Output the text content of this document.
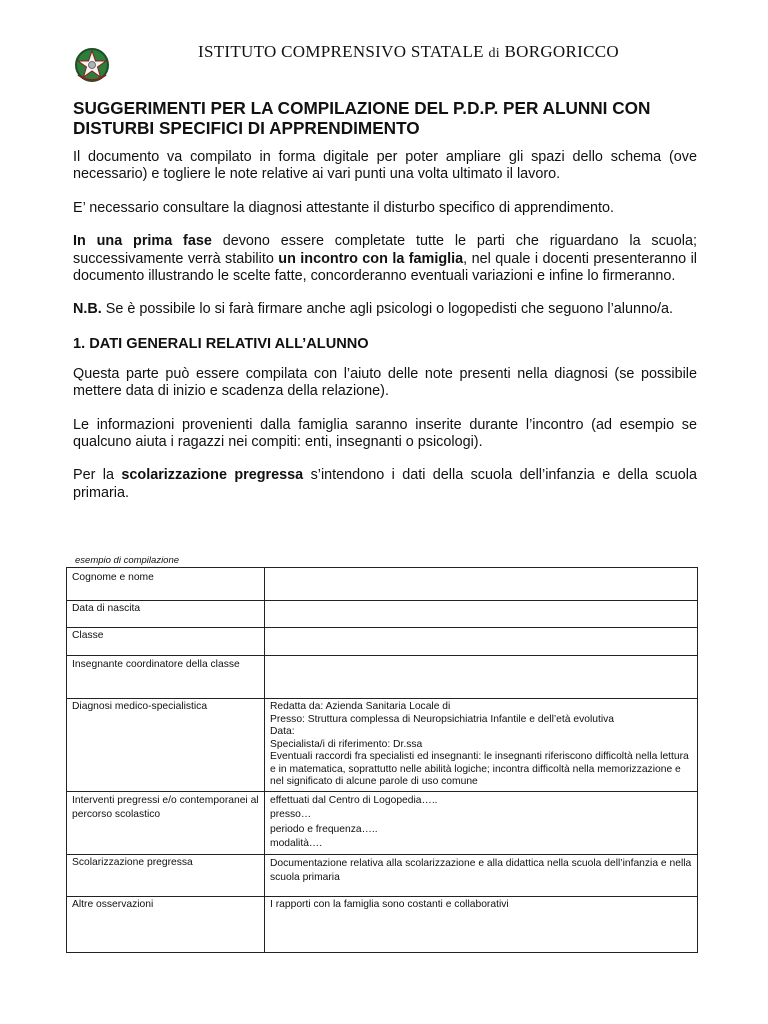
ISTITUTO COMPRENSIVO STATALE di BORGORICCO
SUGGERIMENTI PER LA COMPILAZIONE DEL P.D.P. PER ALUNNI CON DISTURBI SPECIFICI DI APPRENDIMENTO

Il documento va compilato in forma digitale per poter ampliare gli spazi dello schema (ove necessario) e togliere le note relative ai vari punti una volta ultimato il lavoro.

E’ necessario consultare la diagnosi attestante il disturbo specifico di apprendimento.

In una prima fase devono essere completate tutte le parti che riguardano la scuola; successivamente verrà stabilito un incontro con la famiglia, nel quale i docenti presenteranno il documento illustrando le scelte fatte, concorderanno eventuali variazioni e infine lo firmeranno.

N.B. Se è possibile lo si farà firmare anche agli psicologi o logopedisti che seguono l’alunno/a.

1. DATI GENERALI RELATIVI ALL’ALUNNO

Questa parte può essere compilata con l’aiuto delle note presenti nella diagnosi (se possibile mettere data di inizio e scadenza della relazione).

Le informazioni provenienti dalla famiglia saranno inserite durante l’incontro (ad esempio se qualcuno aiuta i ragazzi nei compiti: enti, insegnanti o psicologi).

Per la scolarizzazione pregressa s’intendono i dati della scuola dell’infanzia e della scuola primaria.

esempio di compilazione
Cognome e nome	
Data di nascita	
Classe	
Insegnante coordinatore della classe	
Diagnosi medico-specialistica	Redatta da: Azienda Sanitaria Locale di
Presso: Struttura complessa di Neuropsichiatria Infantile e dell’età evolutiva
Data:
Specialista/i di riferimento: Dr.ssa
Eventuali raccordi fra specialisti ed insegnanti: le insegnanti riferiscono difficoltà nella lettura e in matematica, soprattutto nelle abilità logiche; incontra difficoltà nella memorizzazione e nel significato di alcune parole di uso comune

Interventi pregressi e/o contemporanei al percorso scolastico	effettuati dal Centro di Logopedia…..
presso…
periodo e frequenza…..
modalità….

Scolarizzazione pregressa	Documentazione relativa alla scolarizzazione e alla didattica nella scuola dell’infanzia e nella scuola primaria

Altre osservazioni	I rapporti con la famiglia sono costanti e collaborativi
